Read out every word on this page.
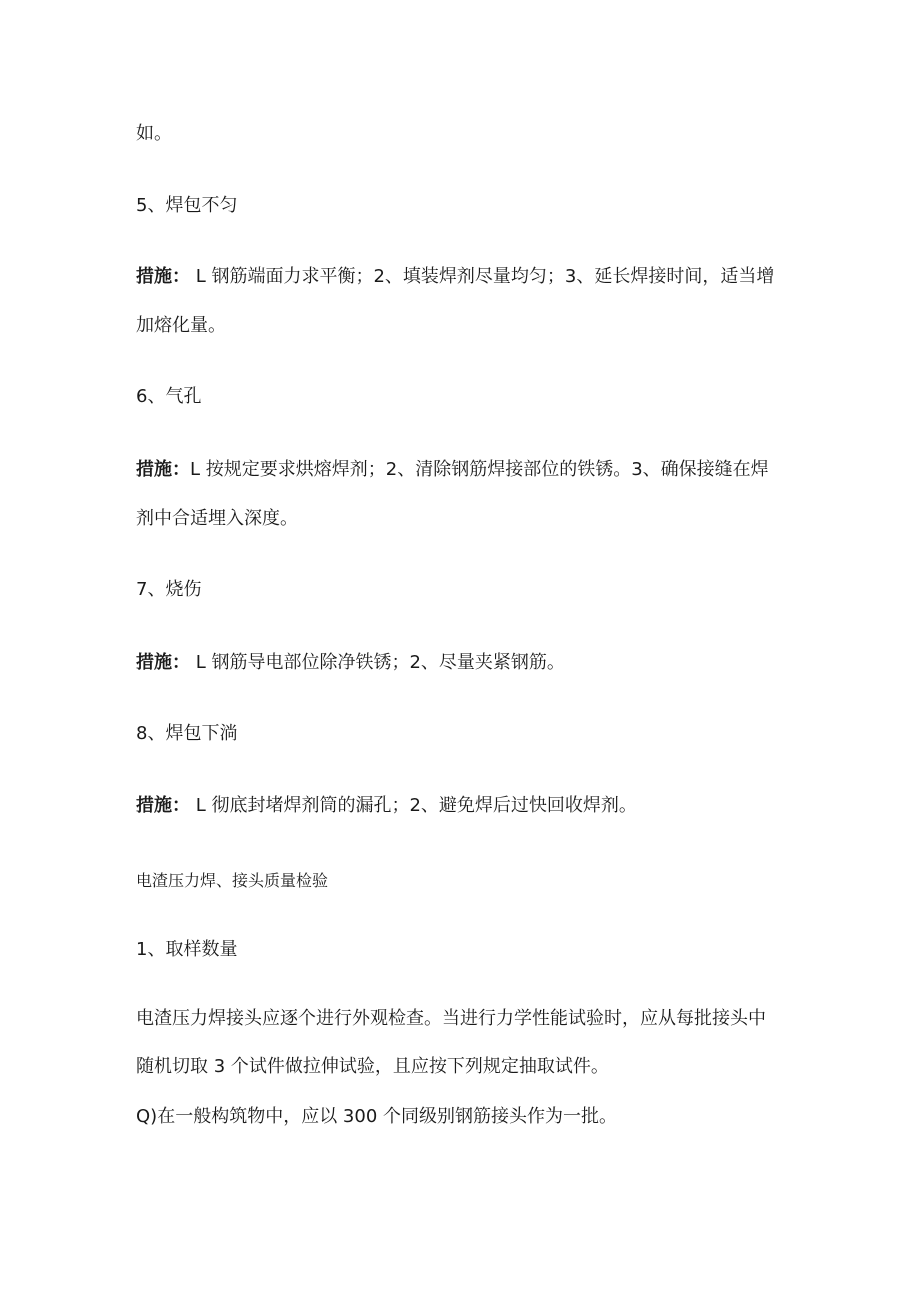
如。
5、焊包不匀
措施： L 钢筋端面力求平衡；2、填装焊剂尽量均匀；3、延长焊接时间，适当增
加熔化量。
6、气孔
措施：L 按规定要求烘熔焊剂；2、清除钢筋焊接部位的铁锈。3、确保接缝在焊
剂中合适埋入深度。
7、烧伤
措施： L 钢筋导电部位除净铁锈；2、尽量夹紧钢筋。
8、焊包下淌
措施： L 彻底封堵焊剂筒的漏孔；2、避免焊后过快回收焊剂。
电渣压力焊、接头质量检验
1、取样数量
电渣压力焊接头应逐个进行外观检查。当进行力学性能试验时，应从每批接头中
随机切取 3 个试件做拉伸试验，且应按下列规定抽取试件。
Q)在一般构筑物中，应以 300 个同级别钢筋接头作为一批。
